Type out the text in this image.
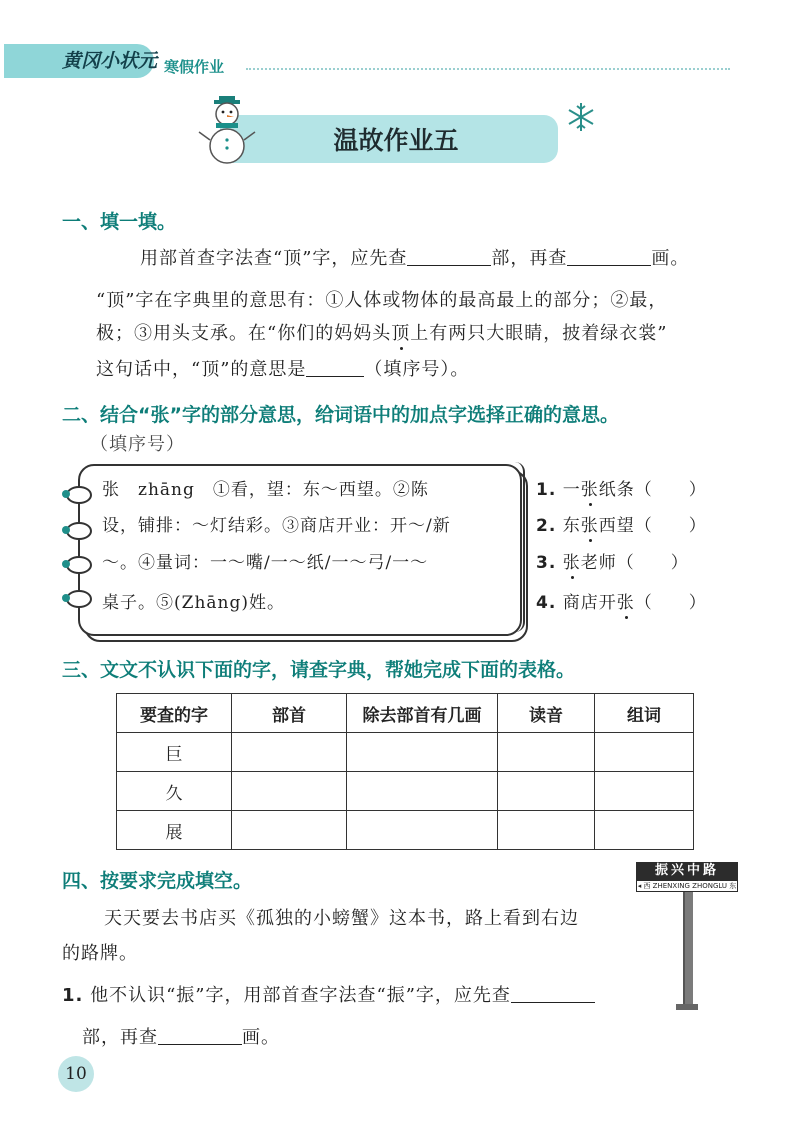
黄冈小状元 寒假作业
温故作业五
一、填一填。
用部首查字法查“顶”字，应先查	部，再查	画。
“顶”字在字典里的意思有：①人体或物体的最高最上的部分；②最，
极；③用头支承。在“你们的妈妈头顶上有两只大眼睛，披着绿衣裳”
这句话中，“顶”的意思是	（填序号）。
二、结合“张”字的部分意思，给词语中的加点字选择正确的意思。
（填序号）
张　zhāng　①看，望：东～西望。②陈
设，铺排：～灯结彩。③商店开业：开～/新
～。④量词：一～嘴/一～纸/一～弓/一～
桌子。⑤(Zhāng)姓。
1. 一张纸条（　　）
2. 东张西望（　　）
3. 张老师（　　）
4. 商店开张（　　）
三、文文不认识下面的字，请查字典，帮她完成下面的表格。
要查的字	部首	除去部首有几画	读音	组词
巨				
久				
展				
四、按要求完成填空。
天天要去书店买《孤独的小螃蟹》这本书，路上看到右边
的路牌。
1. 他不认识“振”字，用部首查字法查“振”字，应先查
部，再查	画。
振兴中路
◂ 西 ZHENXING ZHONGLU 东
10
